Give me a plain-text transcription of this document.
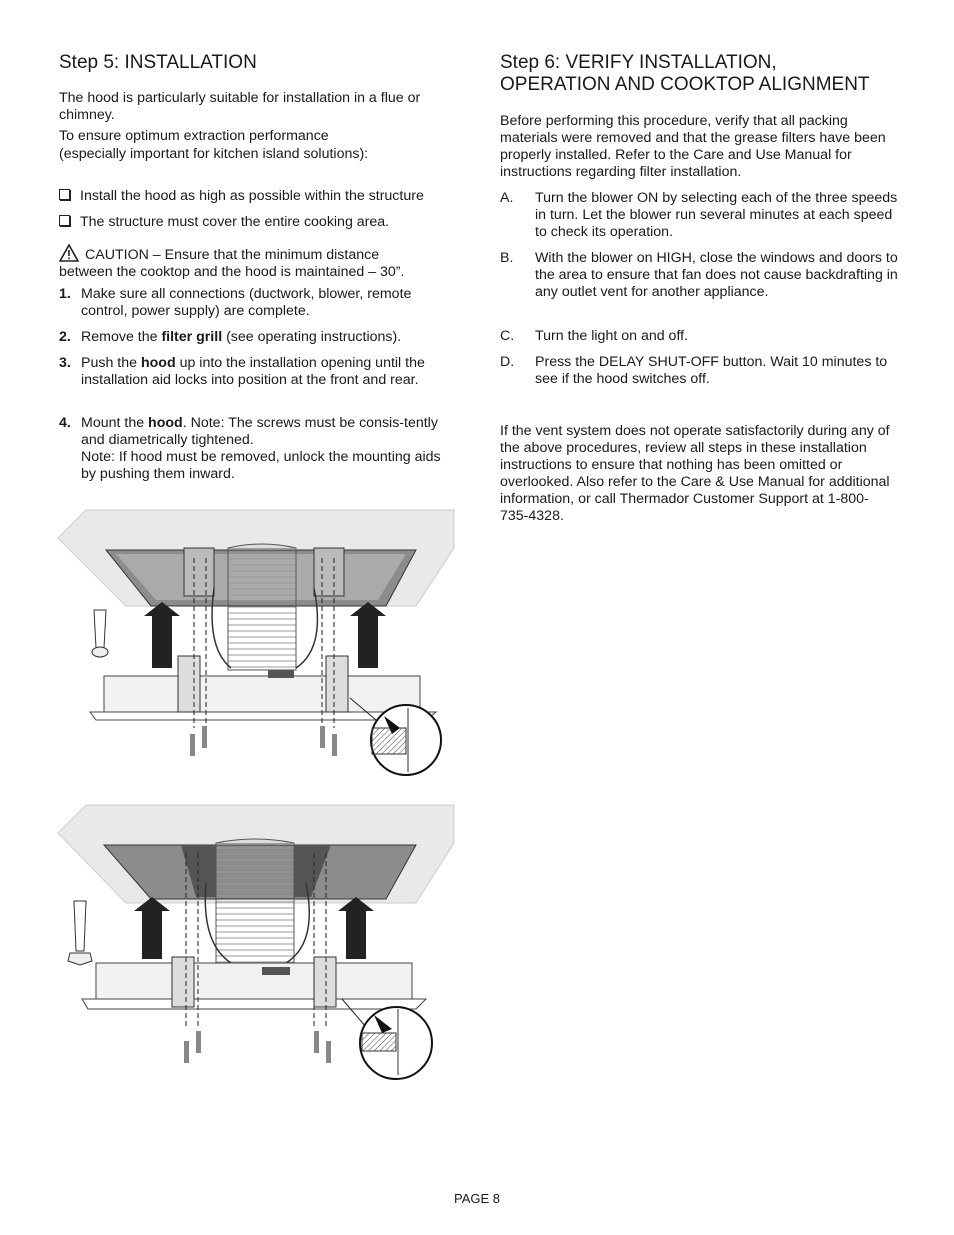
Step 5: INSTALLATION

The hood is particularly suitable for installation in a flue or chimney.

To ensure optimum extraction performance

(especially important for kitchen island solutions):

Install the hood as high as possible within the structure
The structure must cover the entire cooking area.

CAUTION – Ensure that the minimum distance

between the cooktop and the hood is maintained – 30”.

1. Make sure all connections (ductwork, blower, remote control, power supply) are complete.
2. Remove the filter grill (see operating instructions).
3. Push the hood up into the installation opening until the installation aid locks into position at the front and rear.
4. Mount the hood. Note: The screws must be consis-tently and diametrically tightened.
Note: If hood must be removed, unlock the mounting aids by pushing them inward.
Step 6: VERIFY INSTALLATION,
OPERATION AND COOKTOP ALIGNMENT

Before performing this procedure, verify that all packing materials were removed and that the grease filters have been properly installed. Refer to the Care and Use Manual for instructions regarding filter installation.

A. Turn the blower ON by selecting each of the three speeds in turn. Let the blower run several minutes at each speed to check its operation.
B. With the blower on HIGH, close the windows and doors to the area to ensure that fan does not cause backdrafting in any outlet vent for another appliance.
C. Turn the light on and off.
D. Press the DELAY SHUT-OFF button. Wait 10 minutes to see if the hood switches off.

If the vent system does not operate satisfactorily during any of the above procedures, review all steps in these installation instructions to ensure that nothing has been omitted or overlooked. Also refer to the Care & Use Manual for additional information, or call Thermador Customer Support at 1-800-735-4328.

PAGE 8
